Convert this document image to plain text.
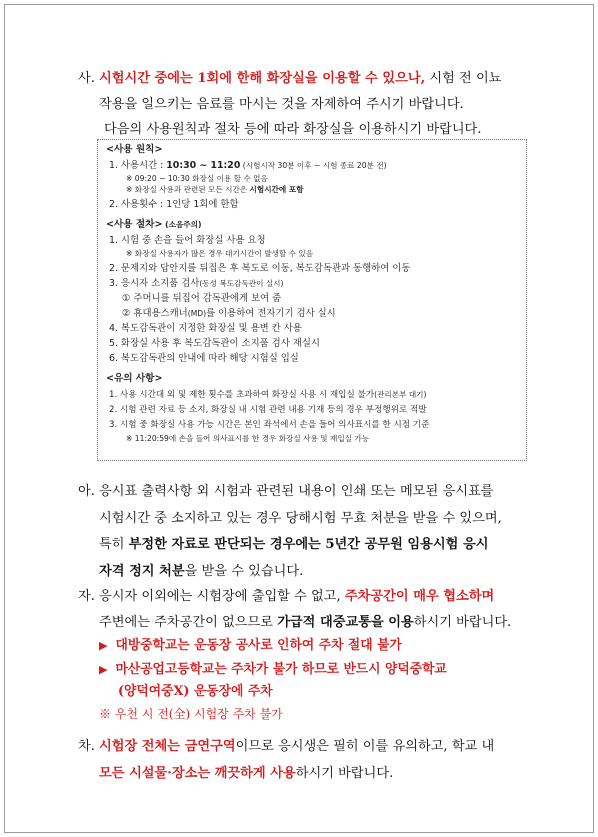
사. 시험시간 중에는 1회에 한해 화장실을 이용할 수 있으나, 시험 전 이뇨
작용을 일으키는 음료를 마시는 것을 자제하여 주시기 바랍니다.
다음의 사용원칙과 절차 등에 따라 화장실을 이용하시기 바랍니다.
<사용 원칙>
1. 사용시간 : 10:30 ~ 11:20 (시험시작 30분 이후 ~ 시험 종료 20분 전)
※ 09:20 ~ 10:30 화장실 이용 할 수 없음
※ 화장실 사용과 관련된 모든 시간은 시험시간에 포함
2. 사용횟수 : 1인당 1회에 한함
<사용 절차> (소음주의)
1. 시험 중 손을 들어 화장실 사용 요청
※ 화장실 사용자가 많은 경우 대기시간이 발생할 수 있음
2. 문제지와 답안지를 뒤집은 후 복도로 이동, 복도감독관과 동행하여 이동
3. 응시자 소지품 검사(동성 복도감독관이 실시)
① 주머니를 뒤집어 감독관에게 보여 줌
② 휴대용스캐너(MD)를 이용하여 전자기기 검사 실시
4. 복도감독관이 지정한 화장실 및 용변 칸 사용
5. 화장실 사용 후 복도감독관이 소지품 검사 재실시
6. 복도감독관의 안내에 따라 해당 시험실 입실
<유의 사항>
1. 사용 시간대 외 및 제한 횟수를 초과하여 화장실 사용 시 재입실 불가(관리본부 대기)
2. 시험 관련 자료 등 소지, 화장실 내 시험 관련 내용 기재 등의 경우 부정행위로 적발
3. 시험 중 화장실 사용 가능 시간은 본인 좌석에서 손을 들어 의사표시를 한 시점 기준
※ 11:20:59에 손을 들어 의사표시를 한 경우 화장실 사용 및 재입실 가능
아. 응시표 출력사항 외 시험과 관련된 내용이 인쇄 또는 메모된 응시표를
시험시간 중 소지하고 있는 경우 당해시험 무효 처분을 받을 수 있으며,
특히 부정한 자료로 판단되는 경우에는 5년간 공무원 임용시험 응시
자격 정지 처분을 받을 수 있습니다.
자. 응시자 이외에는 시험장에 출입할 수 없고, 주차공간이 매우 협소하며
주변에는 주차공간이 없으므로 가급적 대중교통을 이용하시기 바랍니다.
▶ 대방중학교는 운동장 공사로 인하여 주차 절대 불가
▶ 마산공업고등학교는 주차가 불가 하므로 반드시 양덕중학교
(양덕여중X) 운동장에 주차
※ 우천 시 전(全) 시험장 주차 불가
차. 시험장 전체는 금연구역이므로 응시생은 필히 이를 유의하고, 학교 내
모든 시설물·장소는 깨끗하게 사용하시기 바랍니다.
